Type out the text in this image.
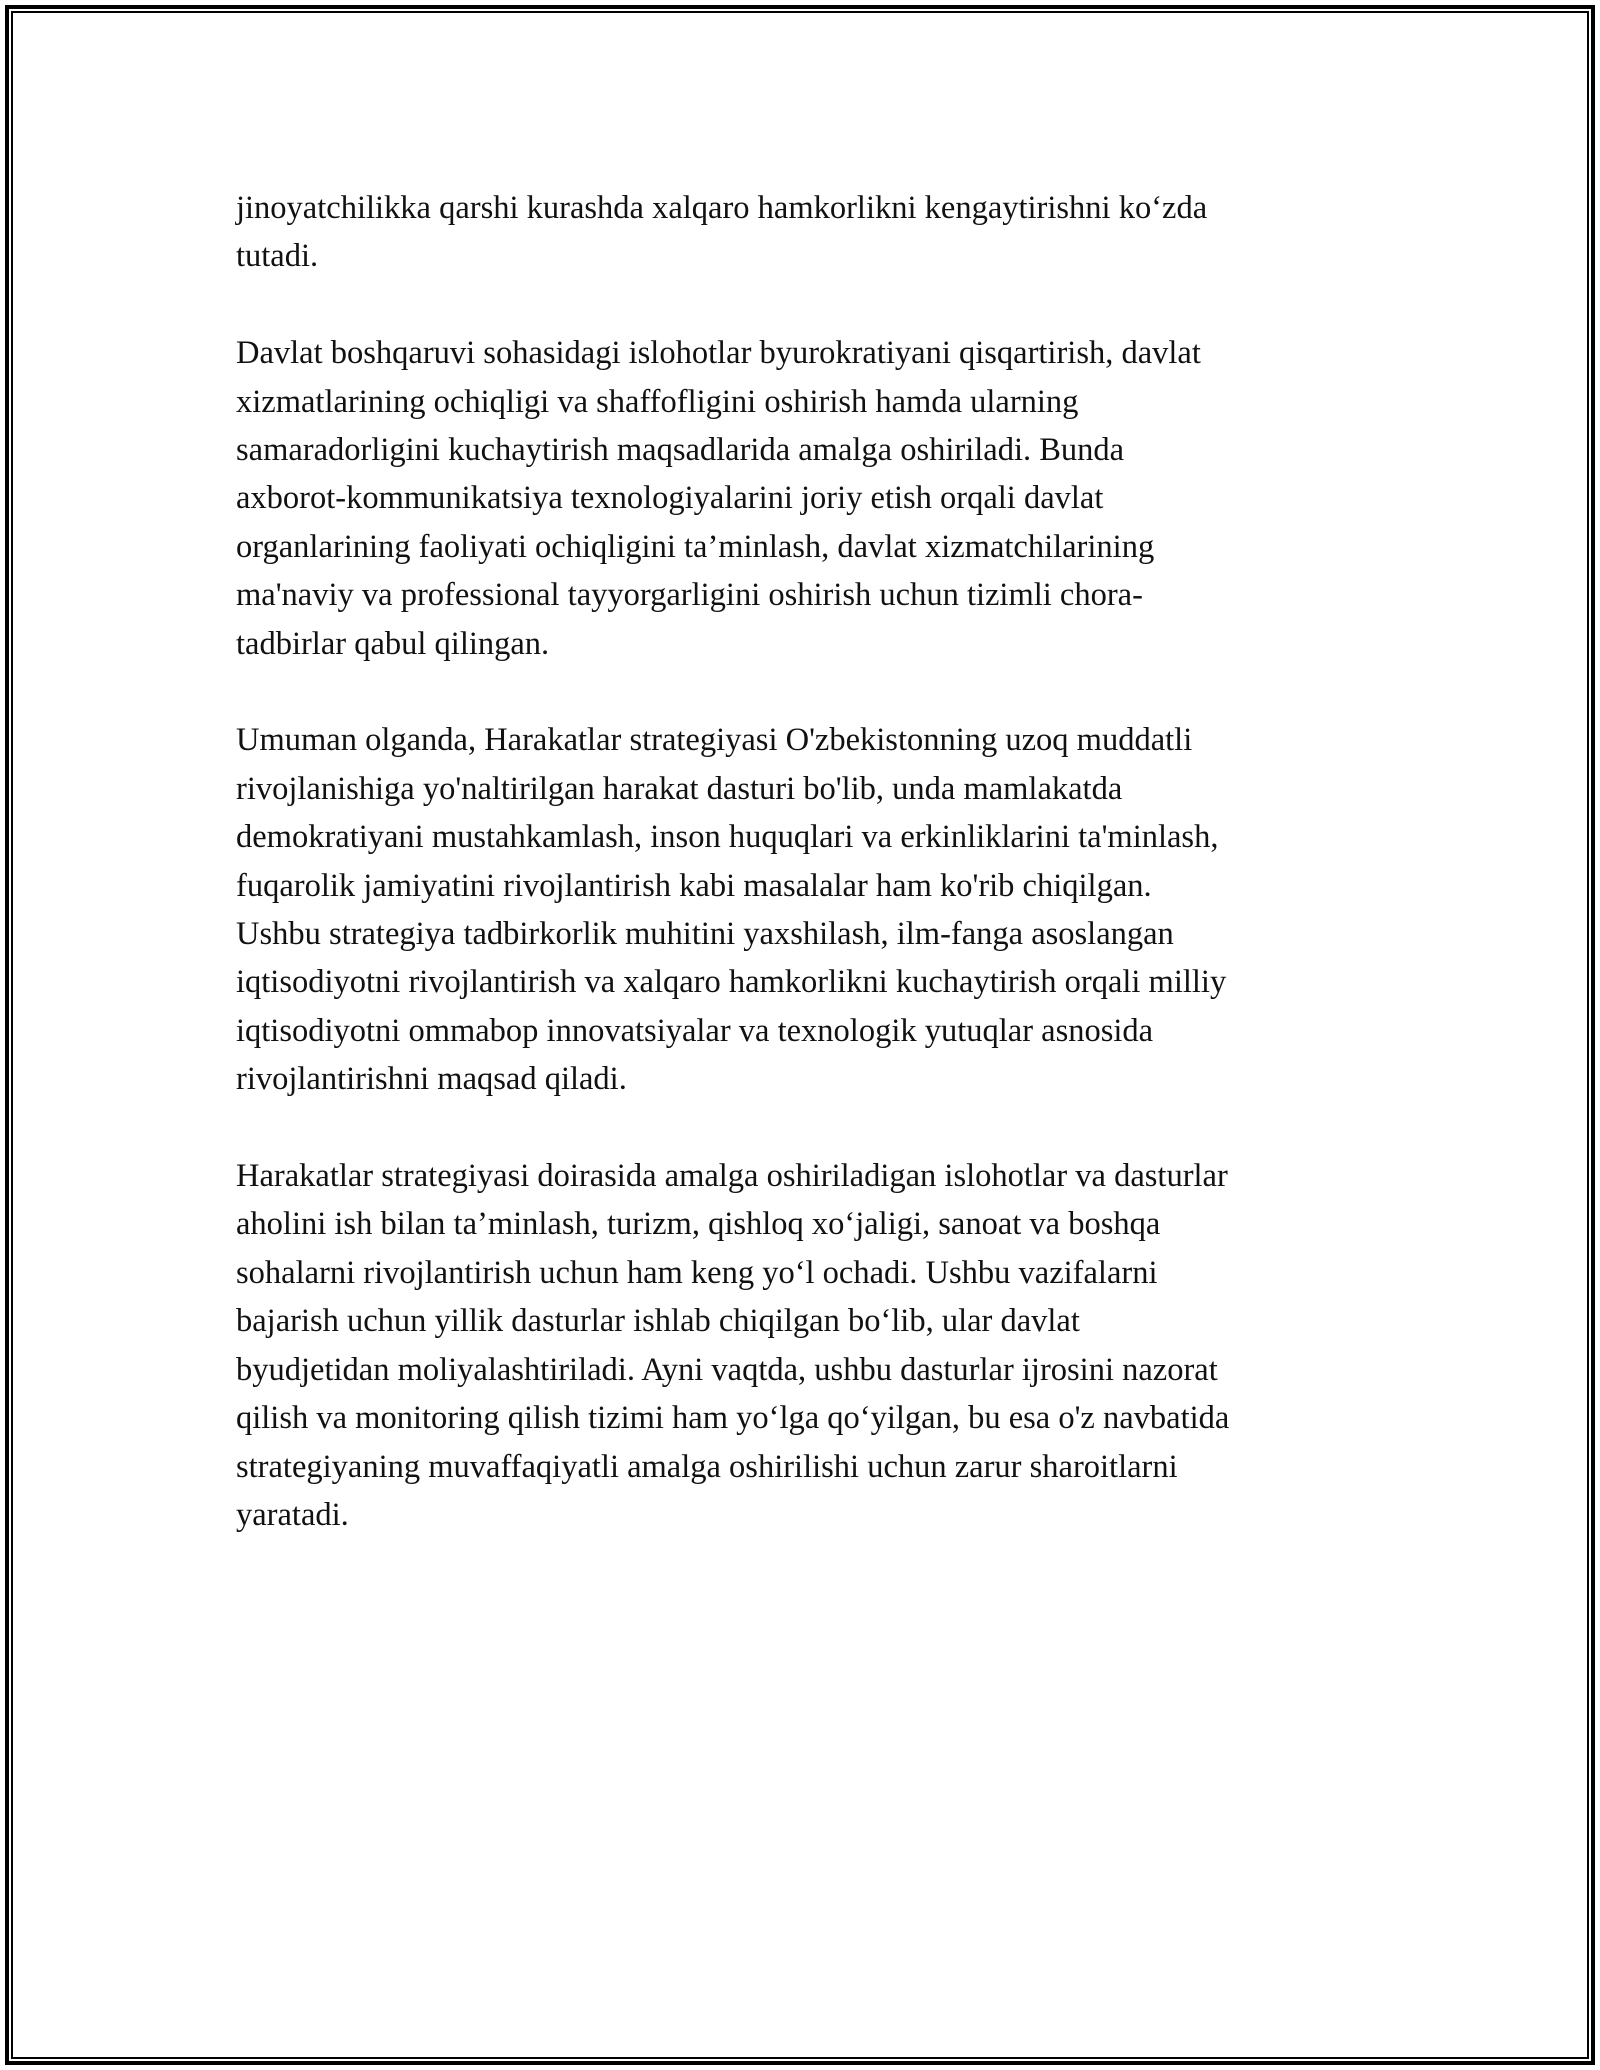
jinoyatchilikka qarshi kurashda xalqaro hamkorlikni kengaytirishni ko‘zda
tutadi.

Davlat boshqaruvi sohasidagi islohotlar byurokratiyani qisqartirish, davlat
xizmatlarining ochiqligi va shaffofligini oshirish hamda ularning
samaradorligini kuchaytirish maqsadlarida amalga oshiriladi. Bunda
axborot-kommunikatsiya texnologiyalarini joriy etish orqali davlat
organlarining faoliyati ochiqligini ta’minlash, davlat xizmatchilarining
ma'naviy va professional tayyorgarligini oshirish uchun tizimli chora-
tadbirlar qabul qilingan.

Umuman olganda, Harakatlar strategiyasi O'zbekistonning uzoq muddatli
rivojlanishiga yo'naltirilgan harakat dasturi bo'lib, unda mamlakatda
demokratiyani mustahkamlash, inson huquqlari va erkinliklarini ta'minlash,
fuqarolik jamiyatini rivojlantirish kabi masalalar ham ko'rib chiqilgan.
Ushbu strategiya tadbirkorlik muhitini yaxshilash, ilm-fanga asoslangan
iqtisodiyotni rivojlantirish va xalqaro hamkorlikni kuchaytirish orqali milliy
iqtisodiyotni ommabop innovatsiyalar va texnologik yutuqlar asnosida
rivojlantirishni maqsad qiladi.

Harakatlar strategiyasi doirasida amalga oshiriladigan islohotlar va dasturlar
aholini ish bilan ta’minlash, turizm, qishloq xo‘jaligi, sanoat va boshqa
sohalarni rivojlantirish uchun ham keng yo‘l ochadi. Ushbu vazifalarni
bajarish uchun yillik dasturlar ishlab chiqilgan bo‘lib, ular davlat
byudjetidan moliyalashtiriladi. Ayni vaqtda, ushbu dasturlar ijrosini nazorat
qilish va monitoring qilish tizimi ham yo‘lga qo‘yilgan, bu esa o'z navbatida
strategiyaning muvaffaqiyatli amalga oshirilishi uchun zarur sharoitlarni
yaratadi.
